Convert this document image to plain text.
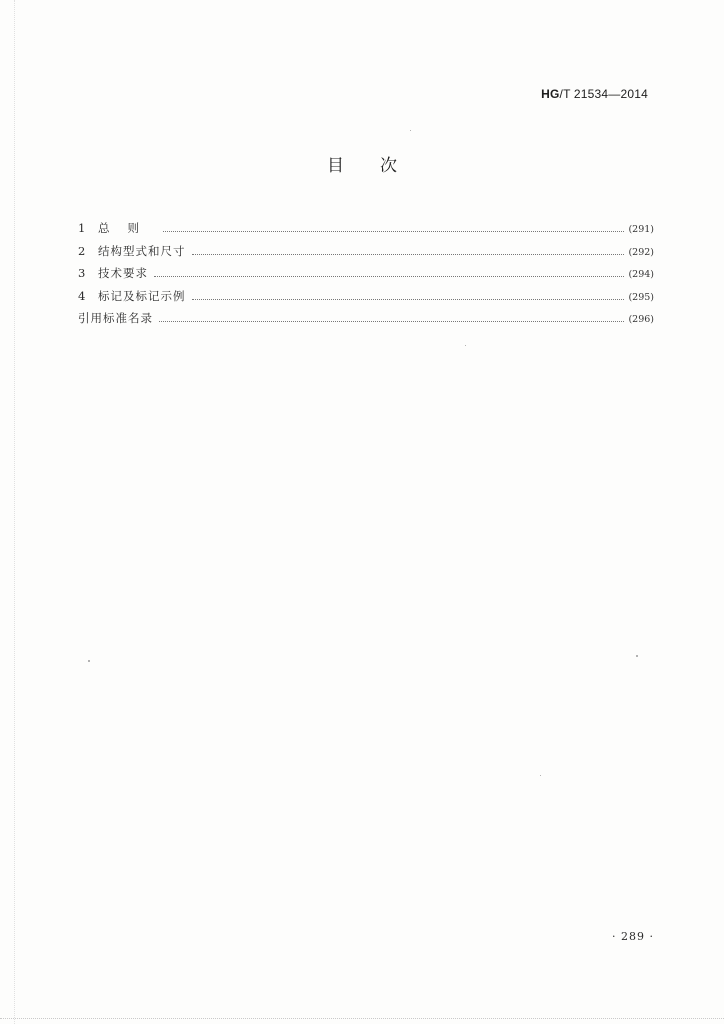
HG/T 21534—2014
目次
1	总则	(291)
2	结构型式和尺寸	(292)
3	技术要求	(294)
4	标记及标记示例	(295)
引用标准名录	(296)
· 289 ·
